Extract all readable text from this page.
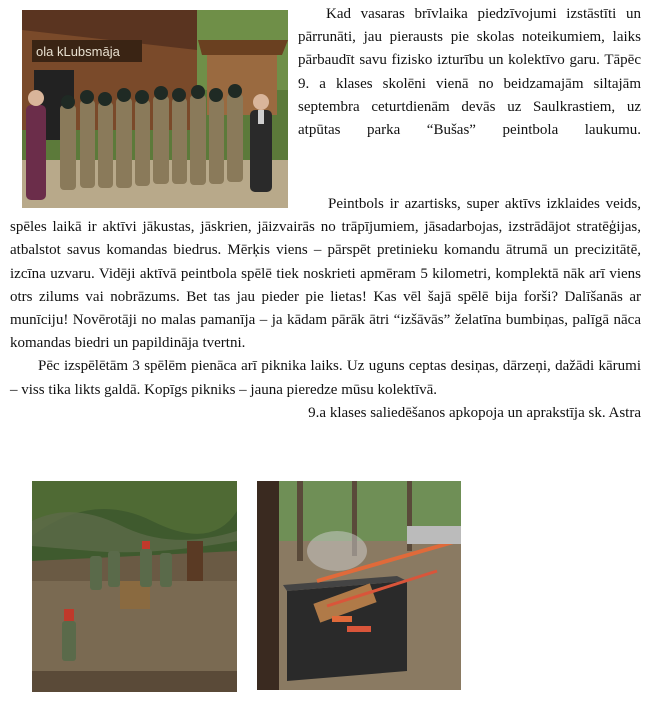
ola kLubsmāja

Kad vasaras brīvlaika piedzīvojumi izstāstīti un pārrunāti, jau pierausts pie skolas noteikumiem, laiks pārbaudīt savu fizisko izturību un kolektīvo garu. Tāpēc 9. a klases skolēni vienā no beidzamajām siltajām septembra ceturtdienām devās uz Saulkrastiem, uz atpūtas parka “Bušas” peintbola laukumu.

Peintbols ir azartisks, super aktīvs izklaides veids, spēles laikā ir aktīvi jākustas, jāskrien, jāizvairās no trāpījumiem, jāsadarbojas, izstrādājot stratēģijas, atbalstot savus komandas biedrus. Mērķis viens – pārspēt pretinieku komandu ātrumā un precizitātē, izcīna uzvaru. Vidēji aktīvā peintbola spēlē tiek noskrieti apmēram 5 kilometri, komplektā nāk arī viens otrs zilums vai nobrāzums. Bet tas jau pieder pie lietas! Kas vēl šajā spēlē bija forši? Dalīšanās ar munīciju! Novērotāji no malas pamanīja – ja kādam pārāk ātri “izšāvās” želatīna bumbiņas, palīgā nāca komandas biedri un papildināja tvertni.

Pēc izspēlētām 3 spēlēm pienāca arī piknika laiks. Uz uguns ceptas desiņas, dārzeņi, dažādi kārumi – viss tika likts galdā. Kopīgs pikniks – jauna pieredze mūsu kolektīvā.

9.a klases saliedēšanos apkopoja un aprakstīja sk. Astra
